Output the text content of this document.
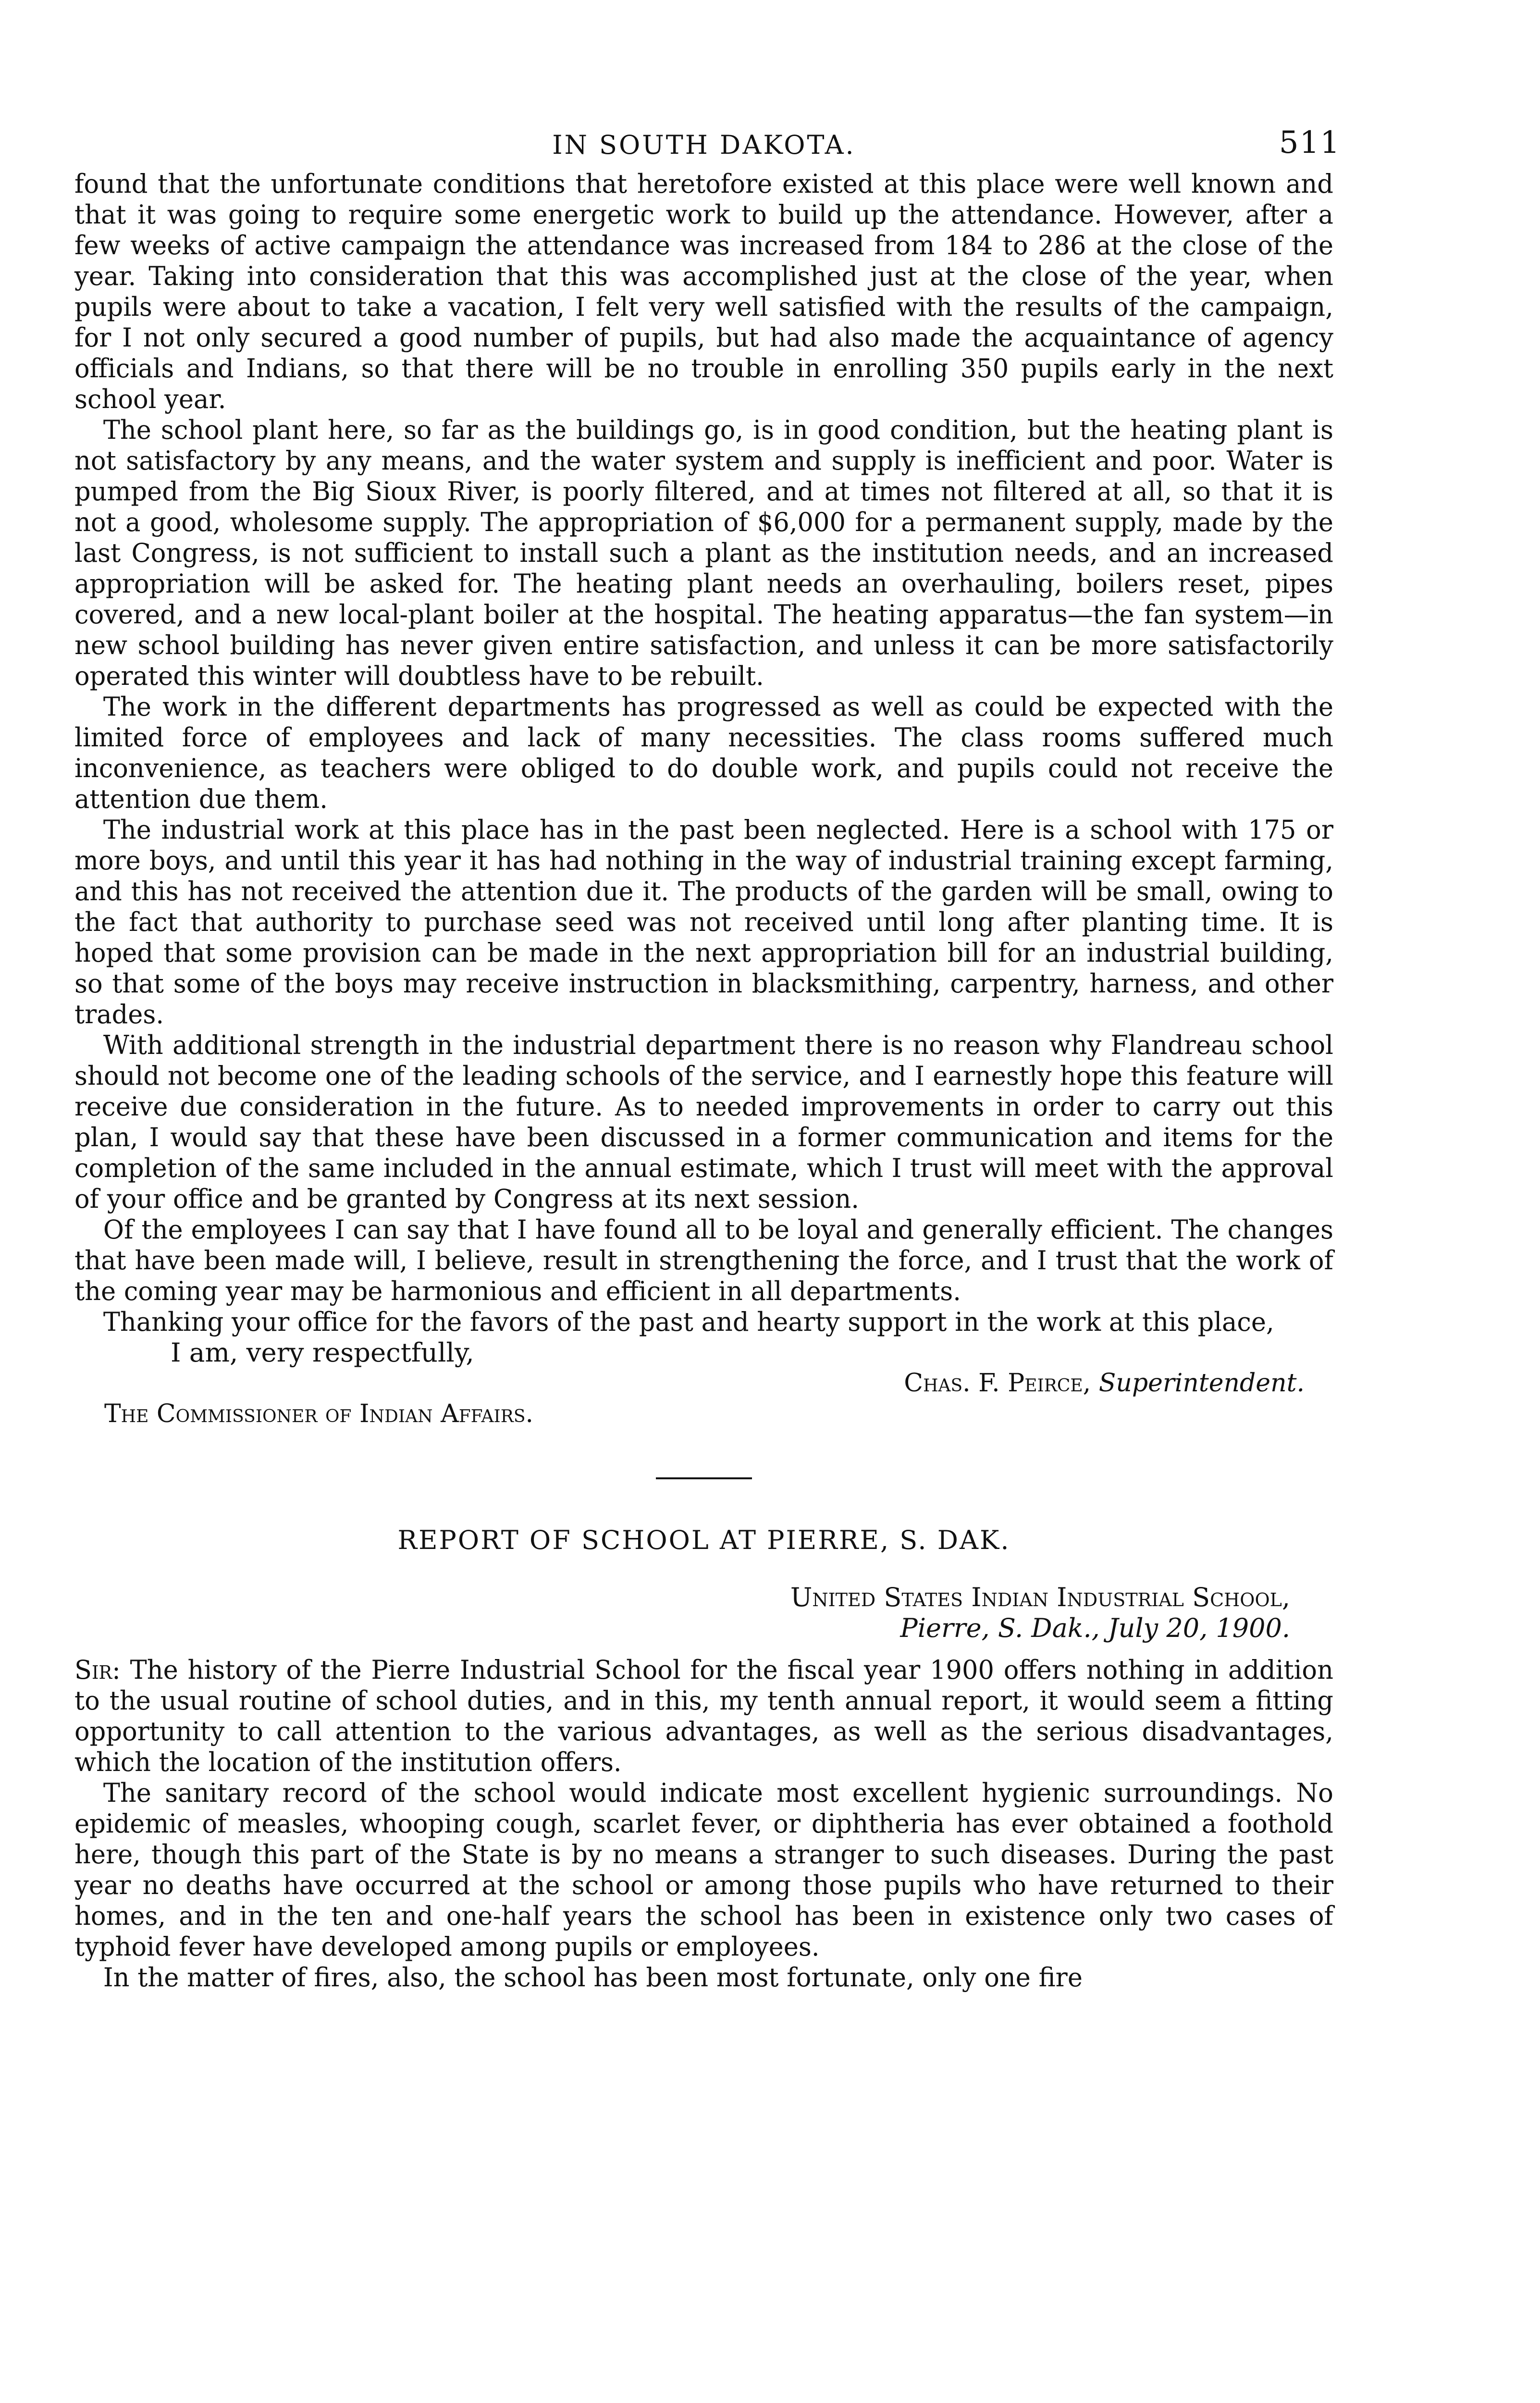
IN SOUTH DAKOTA.	511

found that the unfortunate conditions that heretofore existed at this place were well known and that it was going to require some energetic work to build up the attendance. However, after a few weeks of active campaign the attendance was increased from 184 to 286 at the close of the year. Taking into consideration that this was accomplished just at the close of the year, when pupils were about to take a vacation, I felt very well satisfied with the results of the campaign, for I not only secured a good number of pupils, but had also made the acquaintance of agency officials and Indians, so that there will be no trouble in enrolling 350 pupils early in the next school year.

The school plant here, so far as the buildings go, is in good condition, but the heating plant is not satisfactory by any means, and the water system and supply is inefficient and poor. Water is pumped from the Big Sioux River, is poorly filtered, and at times not filtered at all, so that it is not a good, wholesome supply. The appropriation of $6,000 for a permanent supply, made by the last Congress, is not sufficient to install such a plant as the institution needs, and an increased appropriation will be asked for. The heating plant needs an overhauling, boilers reset, pipes covered, and a new local-plant boiler at the hospital. The heating apparatus—the fan system—in new school building has never given entire satisfaction, and unless it can be more satisfactorily operated this winter will doubtless have to be rebuilt.

The work in the different departments has progressed as well as could be expected with the limited force of employees and lack of many necessities. The class rooms suffered much inconvenience, as teachers were obliged to do double work, and pupils could not receive the attention due them.

The industrial work at this place has in the past been neglected. Here is a school with 175 or more boys, and until this year it has had nothing in the way of industrial training except farming, and this has not received the attention due it. The products of the garden will be small, owing to the fact that authority to purchase seed was not received until long after planting time. It is hoped that some provision can be made in the next appropriation bill for an industrial building, so that some of the boys may receive instruction in blacksmithing, carpentry, harness, and other trades.

With additional strength in the industrial department there is no reason why Flandreau school should not become one of the leading schools of the service, and I earnestly hope this feature will receive due consideration in the future. As to needed improvements in order to carry out this plan, I would say that these have been discussed in a former communication and items for the completion of the same included in the annual estimate, which I trust will meet with the approval of your office and be granted by Congress at its next session.

Of the employees I can say that I have found all to be loyal and generally efficient. The changes that have been made will, I believe, result in strengthening the force, and I trust that the work of the coming year may be harmonious and efficient in all departments.

Thanking your office for the favors of the past and hearty support in the work at this place,

I am, very respectfully,

Chas. F. Peirce, Superintendent.

The Commissioner of Indian Affairs.

REPORT OF SCHOOL AT PIERRE, S. DAK.

United States Indian Industrial School,

Pierre, S. Dak., July 20, 1900.

Sir: The history of the Pierre Industrial School for the fiscal year 1900 offers nothing in addition to the usual routine of school duties, and in this, my tenth annual report, it would seem a fitting opportunity to call attention to the various advantages, as well as the serious disadvantages, which the location of the institution offers.

The sanitary record of the school would indicate most excellent hygienic surroundings. No epidemic of measles, whooping cough, scarlet fever, or diphtheria has ever obtained a foothold here, though this part of the State is by no means a stranger to such diseases. During the past year no deaths have occurred at the school or among those pupils who have returned to their homes, and in the ten and one-half years the school has been in existence only two cases of typhoid fever have developed among pupils or employees.

In the matter of fires, also, the school has been most fortunate, only one fire
